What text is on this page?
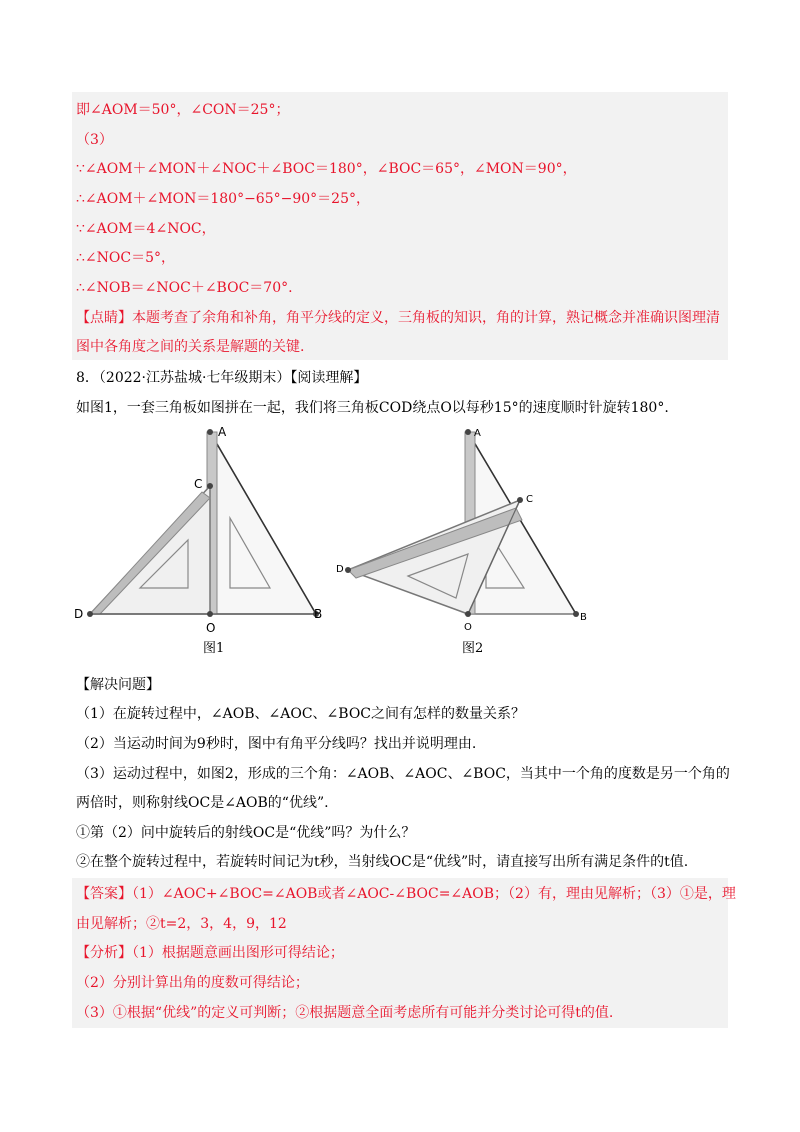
即∠AOM＝50°，∠CON＝25°；
（3）
∵∠AOM＋∠MON＋∠NOC＋∠BOC＝180°，∠BOC＝65°，∠MON＝90°，
∴∠AOM＋∠MON＝180°−65°−90°＝25°，
∵∠AOM＝4∠NOC，
∴∠NOC＝5°，
∴∠NOB＝∠NOC＋∠BOC＝70°.
【点睛】本题考查了余角和补角，角平分线的定义，三角板的知识，角的计算，熟记概念并准确识图理清
图中各角度之间的关系是解题的关键.
8．（2022·江苏盐城·七年级期末）【阅读理解】
如图1，一套三角板如图拼在一起，我们将三角板COD绕点O以每秒15°的速度顺时针旋转180°.
A
C
D
O
B
图1
A
C
D
O
B
图2
【解决问题】
（1）在旋转过程中，∠AOB、∠AOC、∠BOC之间有怎样的数量关系？
（2）当运动时间为9秒时，图中有角平分线吗？找出并说明理由.
（3）运动过程中，如图2，形成的三个角：∠AOB、∠AOC、∠BOC，当其中一个角的度数是另一个角的
两倍时，则称射线OC是∠AOB的“优线”.
①第（2）问中旋转后的射线OC是“优线”吗？为什么？
②在整个旋转过程中，若旋转时间记为t秒，当射线OC是“优线”时，请直接写出所有满足条件的t值.
【答案】（1）∠AOC+∠BOC=∠AOB或者∠AOC-∠BOC=∠AOB；（2）有，理由见解析；（3）①是，理
由见解析；②t=2，3，4，9，12
【分析】（1）根据题意画出图形可得结论；
（2）分别计算出角的度数可得结论；
（3）①根据“优线”的定义可判断；②根据题意全面考虑所有可能并分类讨论可得t的值.
